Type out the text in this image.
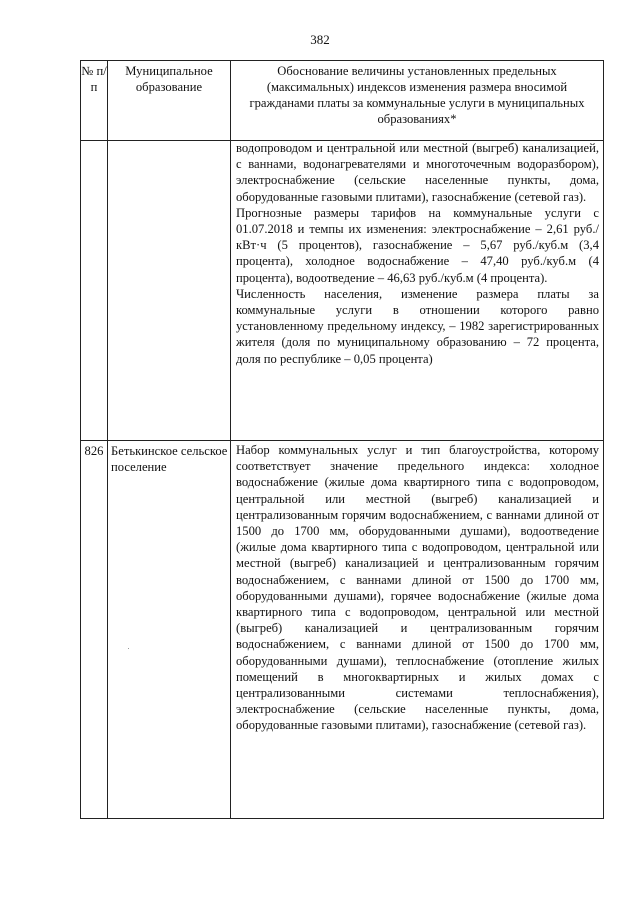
382
№ п/п
Муниципальное образование
Обоснование величины установленных предельных (максимальных) индексов изменения размера вносимой гражданами платы за коммунальные услуги в муниципальных образованиях*

водопроводом и центральной или местной (выгреб) канализацией, с ваннами, водонагревателями и многоточечным водоразбором), электроснабжение (сельские населенные пункты, дома, оборудованные газовыми плитами), газоснабжение (сетевой газ).

Прогнозные размеры тарифов на коммунальные услуги с 01.07.2018 и темпы их изменения: электроснабжение – 2,61 руб./кВт·ч (5 процентов), газоснабжение – 5,67 руб./куб.м (3,4 процента), холодное водоснабжение – 47,40 руб./куб.м (4 процента), водоотведение – 46,63 руб./куб.м (4 процента).

Численность населения, изменение размера платы за коммунальные услуги в отношении которого равно установленному предельному индексу, – 1982 зарегистрированных жителя (доля по муниципальному образованию – 72 процента, доля по республике – 0,05 процента)

826 Бетькинское сельское поселение

Набор коммунальных услуг и тип благоустройства, которому соответствует значение предельного индекса: холодное водоснабжение (жилые дома квартирного типа с водопроводом, центральной или местной (выгреб) канализацией и централизованным горячим водоснабжением, с ваннами длиной от 1500 до 1700 мм, оборудованными душами), водоотведение (жилые дома квартирного типа с водопроводом, центральной или местной (выгреб) канализацией и централизованным горячим водоснабжением, с ваннами длиной от 1500 до 1700 мм, оборудованными душами), горячее водоснабжение (жилые дома квартирного типа с водопроводом, центральной или местной (выгреб) канализацией и централизованным горячим водоснабжением, с ваннами длиной от 1500 до 1700 мм, оборудованными душами), теплоснабжение (отопление жилых помещений в многоквартирных и жилых домах с централизованными системами теплоснабжения), электроснабжение (сельские населенные пункты, дома, оборудованные газовыми плитами), газоснабжение (сетевой газ).
